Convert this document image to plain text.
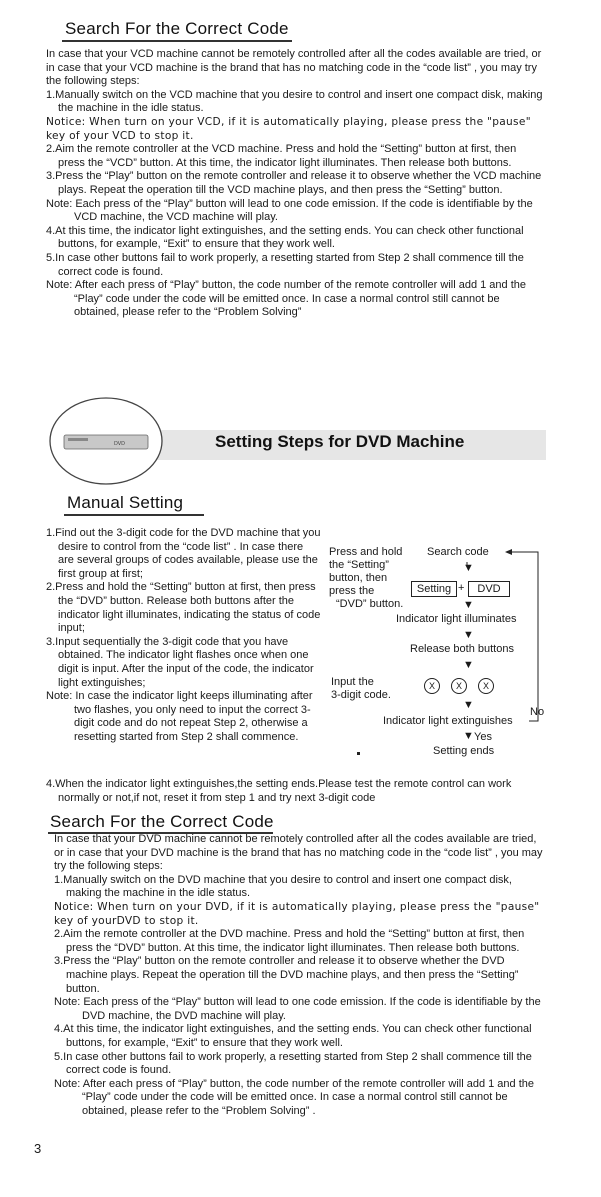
Search For the Correct Code

In case that your VCD machine cannot be remotely controlled after all the codes available are tried, or in case that your VCD machine is the brand that has no matching code in the “code list” , you may try the following steps:

1.Manually switch on the VCD machine that you desire to control and insert one compact disk, making the machine in the idle status.

Notice: When turn on your VCD, if it is automatically playing, please press the "pause" key of your VCD to stop it.

2.Aim the remote controller at the VCD machine. Press and hold the “Setting” button at first, then press the “VCD” button. At this time, the indicator light illuminates. Then release both buttons.

3.Press the “Play” button on the remote controller and release it to observe whether the VCD machine plays. Repeat the operation till the VCD machine plays, and then press the “Setting” button.

Note: Each press of the “Play” button will lead to one code emission. If the code is identifiable by the VCD machine, the VCD machine will play.

4.At this time, the indicator light extinguishes, and the setting ends. You can check other functional buttons, for example, “Exit” to ensure that they work well.

5.In case other buttons fail to work properly, a resetting started from Step 2 shall commence till the correct code is found.

Note: After each press of “Play” button, the code number of the remote controller will add 1 and the “Play” code under the code will be emitted once. In case a normal control still cannot be obtained, please refer to the “Problem Solving”

Setting Steps for DVD Machine
DVD
Manual Setting

1.Find out the 3-digit code for the DVD machine that you desire to control from the “code list” . In case there are several groups of codes available, please use the first group at first;

2.Press and hold the “Setting” button at first, then press the “DVD” button. Release both buttons after the indicator light illuminates, indicating the status of code input;

3.Input sequentially the 3-digit code that you have obtained. The indicator light flashes once when one digit is input. After the input of the code, the indicator light extinguishes;

Note: In case the indicator light keeps illuminating after two flashes, you only need to input the correct 3-digit code and do not repeat Step 2, otherwise a resetting started from Step 2 shall commence.

Press and hold
the “Setting”
button, then
press the
“DVD” button.
Search code
▼
Setting +	DVD
▼
Indicator light illuminates
▼
Release both buttons
▼
Input the
3-digit code.
X	X	X
▼
Indicator light extinguishes
No
▼ Yes
Setting ends

4.When the indicator light extinguishes,the setting ends.Please test the remote control can work normally or not,if not, reset it from step 1 and try next 3-digit code

Search For the Correct Code

In case that your DVD machine cannot be remotely controlled after all the codes available are tried, or in case that your DVD machine is the brand that has no matching code in the “code list” , you may try the following steps:

1.Manually switch on the DVD machine that you desire to control and insert one compact disk, making the machine in the idle status.

Notice: When turn on your DVD, if it is automatically playing, please press the "pause" key of yourDVD to stop it.

2.Aim the remote controller at the DVD machine. Press and hold the “Setting” button at first, then press the “DVD” button. At this time, the indicator light illuminates. Then release both buttons.

3.Press the “Play” button on the remote controller and release it to observe whether the DVD machine plays. Repeat the operation till the DVD machine plays, and then press the “Setting” button.

Note: Each press of the “Play” button will lead to one code emission. If the code is identifiable by the DVD machine, the DVD machine will play.

4.At this time, the indicator light extinguishes, and the setting ends. You can check other functional buttons, for example, “Exit” to ensure that they work well.

5.In case other buttons fail to work properly, a resetting started from Step 2 shall commence till the correct code is found.

Note: After each press of “Play” button, the code number of the remote controller will add 1 and the “Play” code under the code will be emitted once. In case a normal control still cannot be obtained, please refer to the “Problem Solving” .

3
